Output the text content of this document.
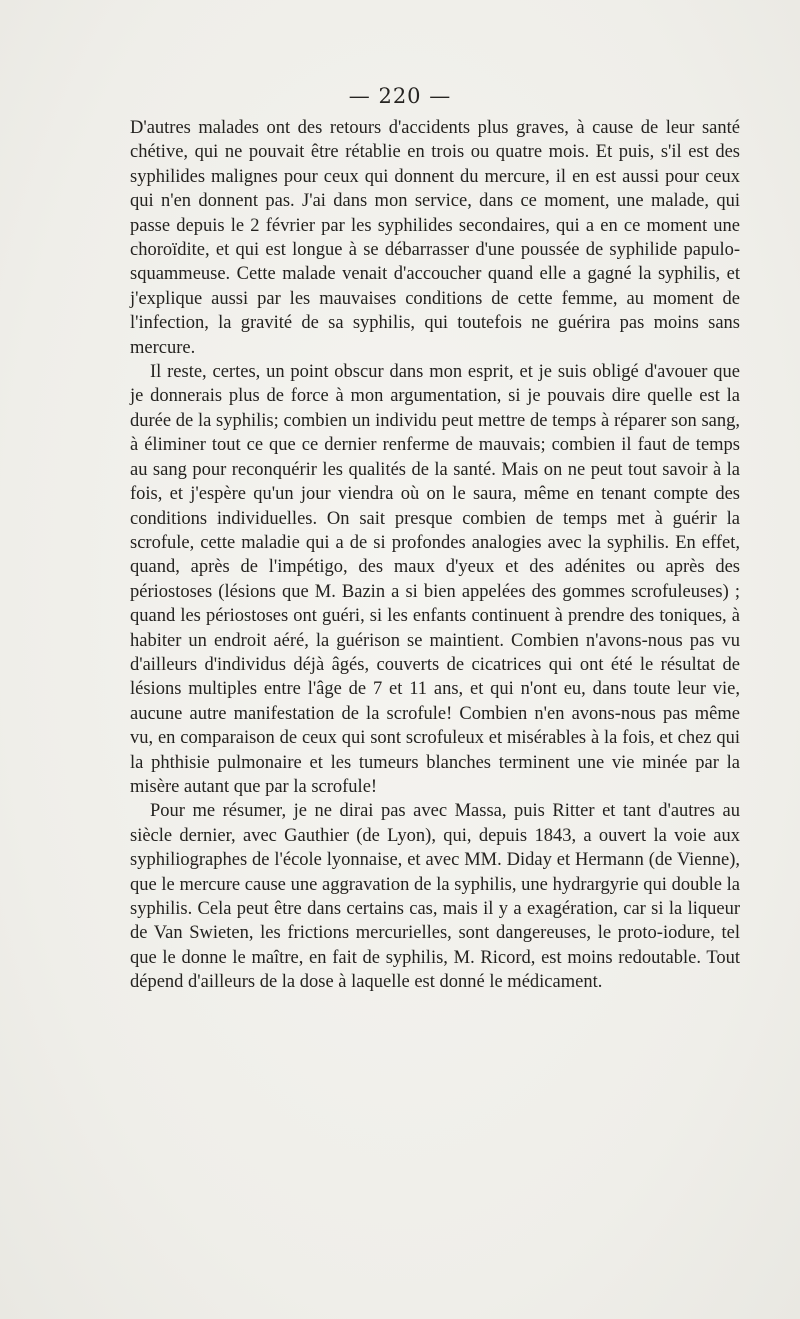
— 220 —

D'autres malades ont des retours d'accidents plus graves, à cause de leur santé chétive, qui ne pouvait être rétablie en trois ou quatre mois. Et puis, s'il est des syphilides malignes pour ceux qui donnent du mercure, il en est aussi pour ceux qui n'en donnent pas. J'ai dans mon service, dans ce moment, une malade, qui passe depuis le 2 février par les syphilides secondaires, qui a en ce moment une choroïdite, et qui est longue à se débarrasser d'une poussée de syphilide papulo-squammeuse. Cette malade venait d'accoucher quand elle a gagné la syphilis, et j'explique aussi par les mauvaises conditions de cette femme, au moment de l'infection, la gravité de sa syphilis, qui toutefois ne guérira pas moins sans mercure.

Il reste, certes, un point obscur dans mon esprit, et je suis obligé d'avouer que je donnerais plus de force à mon argumentation, si je pouvais dire quelle est la durée de la syphilis; combien un individu peut mettre de temps à réparer son sang, à éliminer tout ce que ce dernier renferme de mauvais; combien il faut de temps au sang pour reconquérir les qualités de la santé. Mais on ne peut tout savoir à la fois, et j'espère qu'un jour viendra où on le saura, même en tenant compte des conditions individuelles. On sait presque combien de temps met à guérir la scrofule, cette maladie qui a de si profondes analogies avec la syphilis. En effet, quand, après de l'impétigo, des maux d'yeux et des adénites ou après des périostoses (lésions que M. Bazin a si bien appelées des gommes scrofuleuses) ; quand les périostoses ont guéri, si les enfants continuent à prendre des toniques, à habiter un endroit aéré, la guérison se maintient. Combien n'avons-nous pas vu d'ailleurs d'individus déjà âgés, couverts de cicatrices qui ont été le résultat de lésions multiples entre l'âge de 7 et 11 ans, et qui n'ont eu, dans toute leur vie, aucune autre manifestation de la scrofule! Combien n'en avons-nous pas même vu, en comparaison de ceux qui sont scrofuleux et misérables à la fois, et chez qui la phthisie pulmonaire et les tumeurs blanches terminent une vie minée par la misère autant que par la scrofule!

Pour me résumer, je ne dirai pas avec Massa, puis Ritter et tant d'autres au siècle dernier, avec Gauthier (de Lyon), qui, depuis 1843, a ouvert la voie aux syphiliographes de l'école lyonnaise, et avec MM. Diday et Hermann (de Vienne), que le mercure cause une aggravation de la syphilis, une hydrargyrie qui double la syphilis. Cela peut être dans certains cas, mais il y a exagération, car si la liqueur de Van Swieten, les frictions mercurielles, sont dangereuses, le proto-iodure, tel que le donne le maître, en fait de syphilis, M. Ricord, est moins redoutable. Tout dépend d'ailleurs de la dose à laquelle est donné le médicament.
